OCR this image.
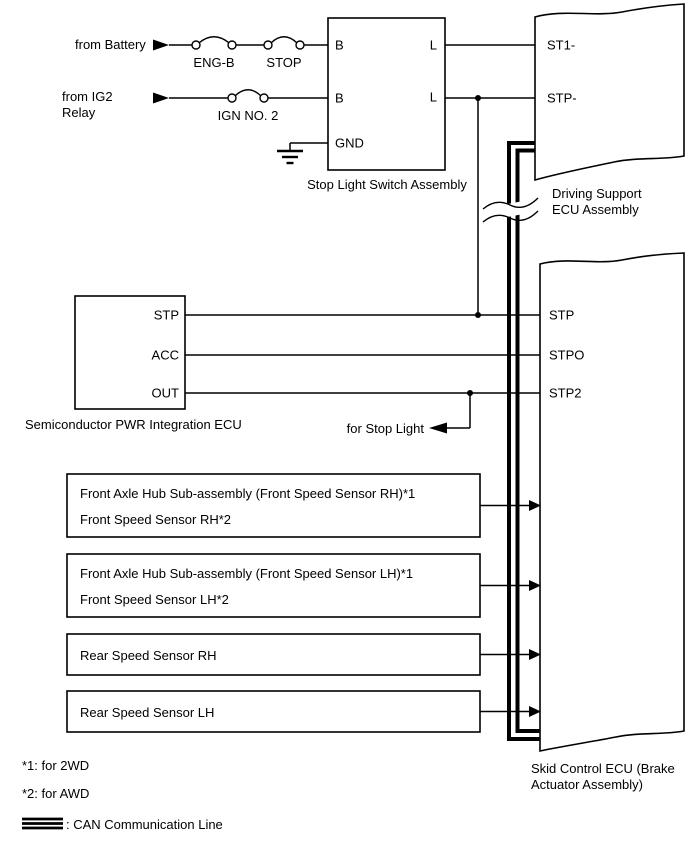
from Battery
from IG2
Relay
ENG-B STOP
IGN NO. 2
B
B
GND
L
L
Stop Light Switch Assembly
ST1-
STP-
Driving Support
ECU Assembly
STP
ACC
OUT
Semiconductor PWR Integration ECU
STP
STPO
STP2
Skid Control ECU (Brake
Actuator Assembly)
for Stop Light
Front Axle Hub Sub-assembly (Front Speed Sensor RH)*1
Front Speed Sensor RH*2
Front Axle Hub Sub-assembly (Front Speed Sensor LH)*1
Front Speed Sensor LH*2
Rear Speed Sensor RH
Rear Speed Sensor LH
*1: for 2WD
*2: for AWD
: CAN Communication Line
